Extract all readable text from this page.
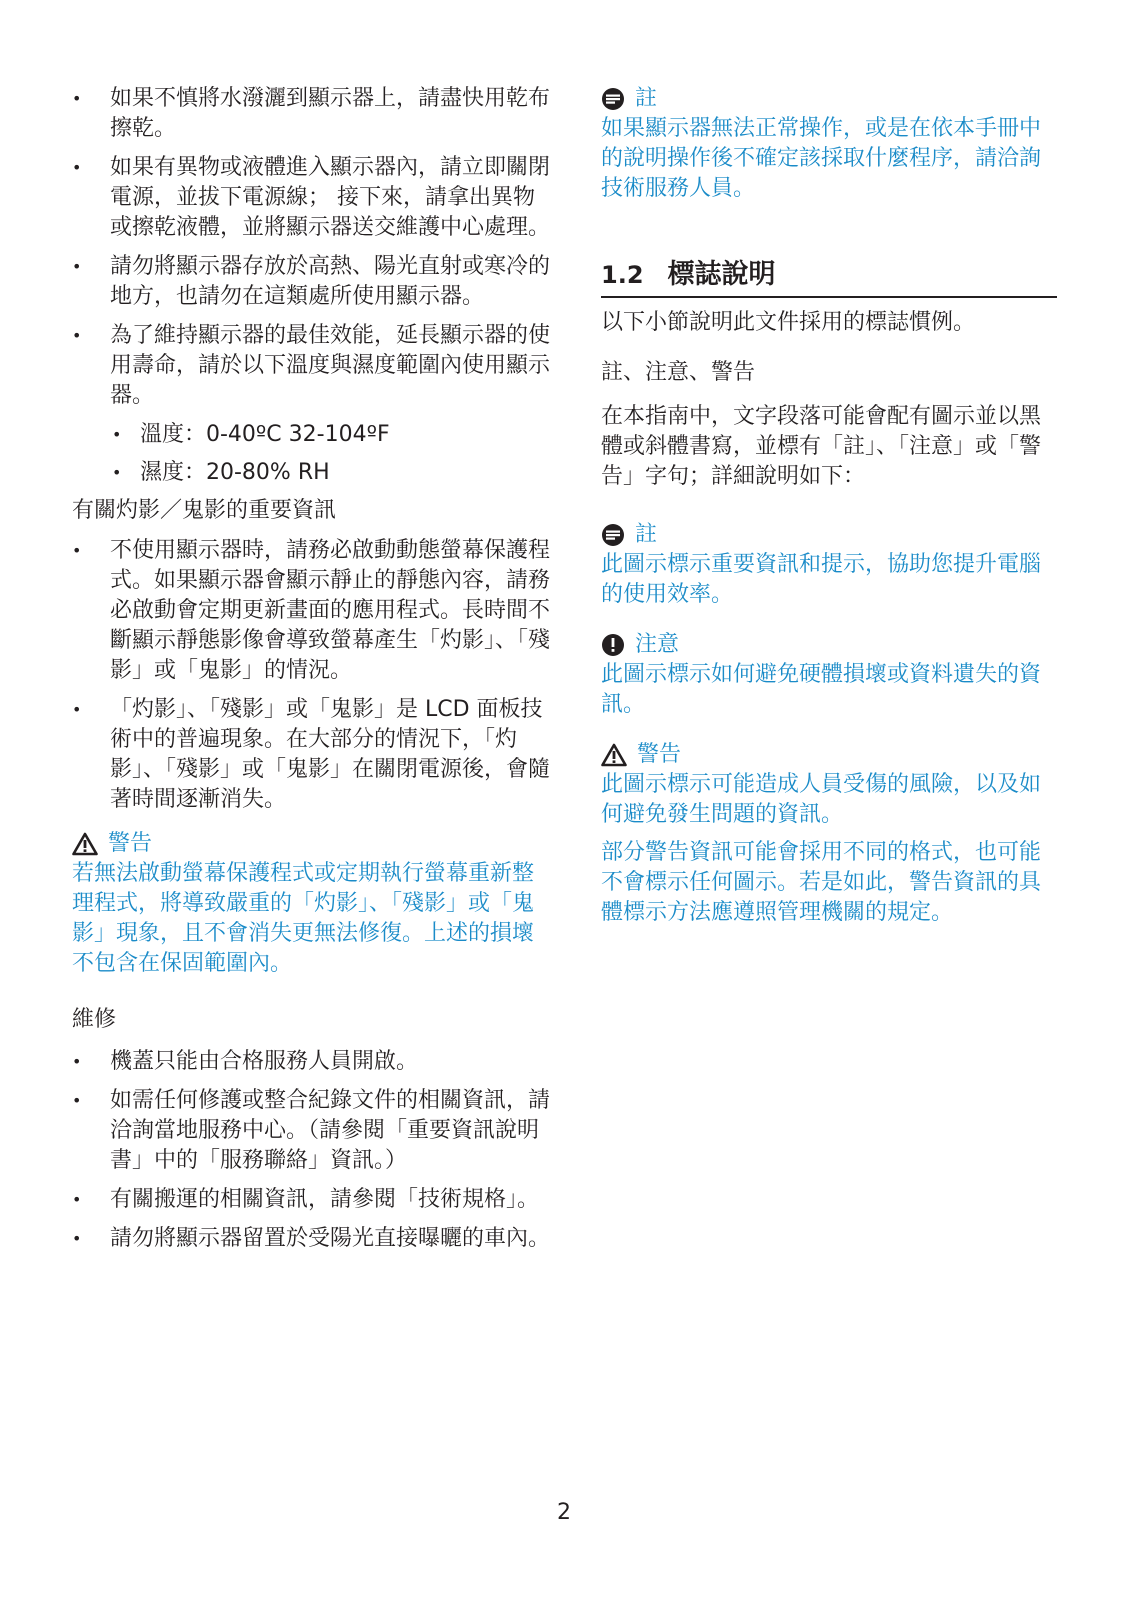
• 如果不慎將水潑灑到顯示器上，請盡快用乾布擦乾。
• 如果有異物或液體進入顯示器內，請立即關閉電源，並拔下電源線； 接下來，請拿出異物或擦乾液體，並將顯示器送交維護中心處理。
• 請勿將顯示器存放於高熱、陽光直射或寒冷的地方，也請勿在這類處所使用顯示器。
• 為了維持顯示器的最佳效能，延長顯示器的使用壽命，請於以下溫度與濕度範圍內使用顯示器。
• 溫度：0-40ºC 32-104ºF
• 濕度：20-80% RH

有關灼影／鬼影的重要資訊

• 不使用顯示器時，請務必啟動動態螢幕保護程式。如果顯示器會顯示靜止的靜態內容，請務必啟動會定期更新畫面的應用程式。長時間不斷顯示靜態影像會導致螢幕產生「灼影」、「殘影」或「鬼影」的情況。
• 「灼影」、「殘影」或「鬼影」是 LCD 面板技術中的普遍現象。在大部分的情況下，「灼影」、「殘影」或「鬼影」在關閉電源後，會隨著時間逐漸消失。

警告

若無法啟動螢幕保護程式或定期執行螢幕重新整理程式，將導致嚴重的「灼影」、「殘影」或「鬼影」現象，且不會消失更無法修復。上述的損壞不包含在保固範圍內。

維修

• 機蓋只能由合格服務人員開啟。
• 如需任何修護或整合紀錄文件的相關資訊，請洽詢當地服務中心。（請參閱「重要資訊說明書」中的「服務聯絡」資訊。）
• 有關搬運的相關資訊，請參閱「技術規格」。
• 請勿將顯示器留置於受陽光直接曝曬的車內。

註

如果顯示器無法正常操作，或是在依本手冊中的說明操作後不確定該採取什麼程序，請洽詢技術服務人員。

1.2 標誌說明

以下小節說明此文件採用的標誌慣例。

註、注意、警告

在本指南中，文字段落可能會配有圖示並以黑體或斜體書寫，並標有「註」、「注意」或「警告」字句；詳細說明如下：

註

此圖示標示重要資訊和提示，協助您提升電腦的使用效率。

注意

此圖示標示如何避免硬體損壞或資料遺失的資訊。

警告

此圖示標示可能造成人員受傷的風險，以及如何避免發生問題的資訊。

部分警告資訊可能會採用不同的格式，也可能不會標示任何圖示。若是如此，警告資訊的具體標示方法應遵照管理機關的規定。

2
